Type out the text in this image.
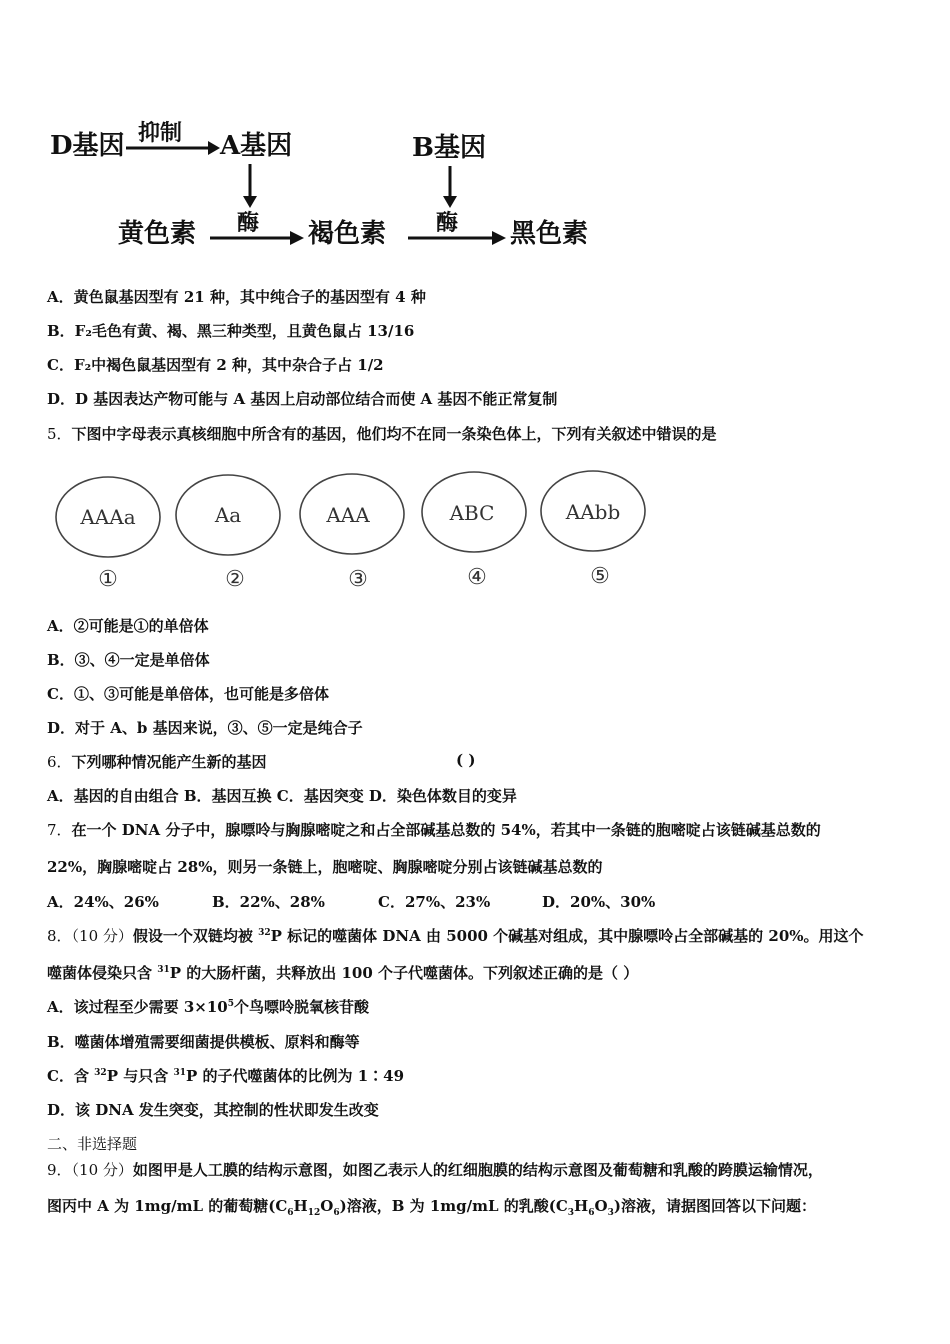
D基因 抑制 A基因	B基因
酶	酶
黄色素	褐色素	黑色素
A．黄色鼠基因型有 21 种，其中纯合子的基因型有 4 种
B．F₂毛色有黄、褐、黑三种类型，且黄色鼠占 13/16
C．F₂中褐色鼠基因型有 2 种，其中杂合子占 1/2
D．D 基因表达产物可能与 A 基因上启动部位结合而使 A 基因不能正常复制
5．下图中字母表示真核细胞中所含有的基因，他们均不在同一条染色体上，下列有关叙述中错误的是
AAAa
①
Aa
②
AAA
③
ABC
④
AAbb
⑤
A．②可能是①的单倍体
B．③、④一定是单倍体
C．①、③可能是单倍体，也可能是多倍体
D．对于 A、b 基因来说，③、⑤一定是纯合子
6．下列哪种情况能产生新的基因	( )
A．基因的自由组合 B．基因互换 C．基因突变 D．染色体数目的变异
7．在一个 DNA 分子中，腺嘌呤与胸腺嘧啶之和占全部碱基总数的 54%，若其中一条链的胞嘧啶占该链碱基总数的
22%，胸腺嘧啶占 28%，则另一条链上，胞嘧啶、胸腺嘧啶分别占该链碱基总数的
A．24%、26%	B．22%、28%	C．27%、23%	D．20%、30%
8．（10 分）假设一个双链均被 $^{32}$P 标记的噬菌体 DNA 由 5000 个碱基对组成，其中腺嘌呤占全部碱基的 20%。用这个
噬菌体侵染只含 $^{31}$P 的大肠杆菌，共释放出 100 个子代噬菌体。下列叙述正确的是（ ）
A．该过程至少需要 $3\times 10^5$个鸟嘌呤脱氧核苷酸
B．噬菌体增殖需要细菌提供模板、原料和酶等
C．含 $^{32}$P 与只含 $^{31}$P 的子代噬菌体的比例为 1∶49
D．该 DNA 发生突变，其控制的性状即发生改变
二、非选择题
9．（10 分）如图甲是人工膜的结构示意图，如图乙表示人的红细胞膜的结构示意图及葡萄糖和乳酸的跨膜运输情况，
图丙中 A 为 1mg/mL 的葡萄糖$(C_6H_{12}O_6)$溶液，B 为 1mg/mL 的乳酸$(C_3H_6O_3)$溶液，请据图回答以下问题：
